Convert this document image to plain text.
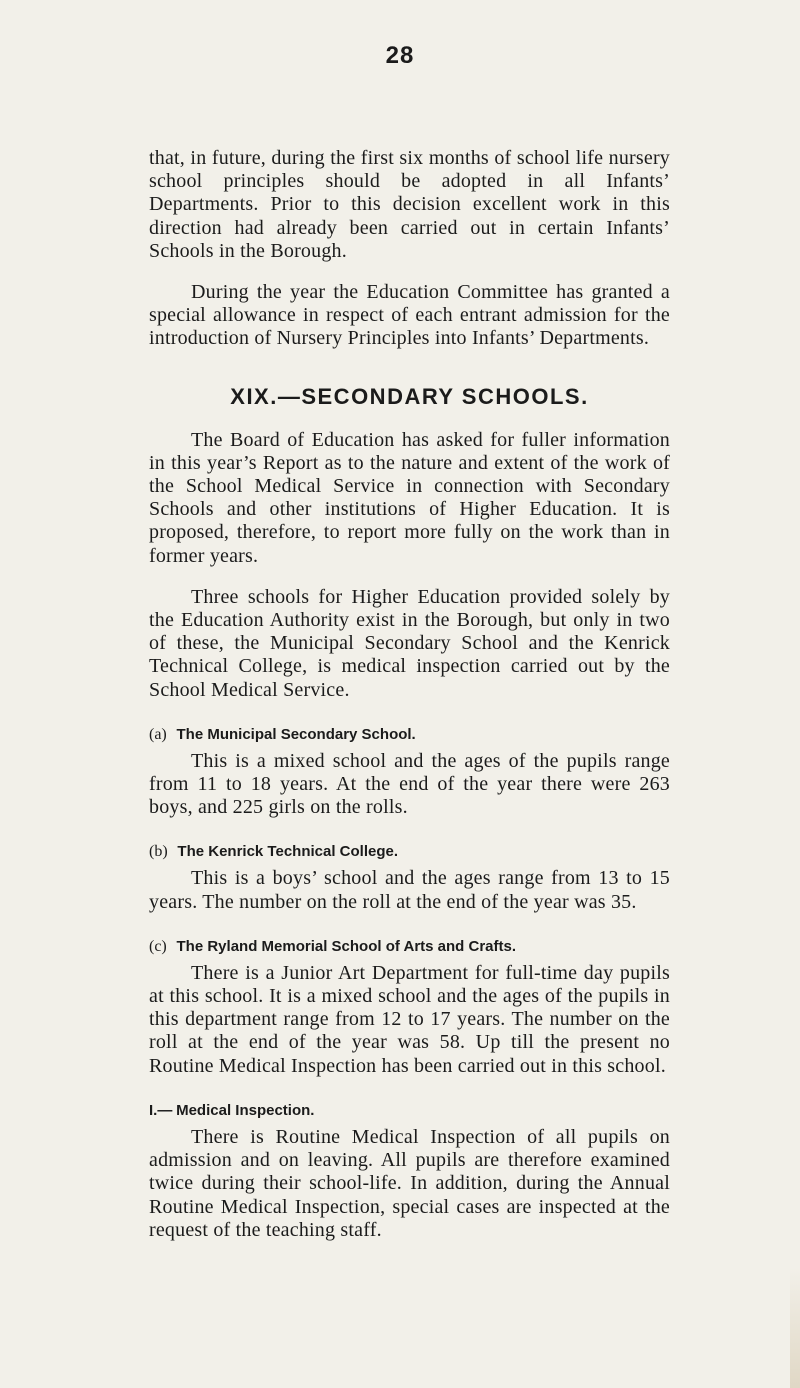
28

that, in future, during the first six months of school life nursery school principles should be adopted in all Infants’ Departments. Prior to this decision excellent work in this direction had already been carried out in certain Infants’ Schools in the Borough.

During the year the Education Committee has granted a special allowance in respect of each entrant admission for the introduction of Nursery Principles into Infants’ Departments.

XIX.—SECONDARY SCHOOLS.

The Board of Education has asked for fuller information in this year’s Report as to the nature and extent of the work of the School Medical Service in connection with Secondary Schools and other institutions of Higher Education. It is proposed, therefore, to report more fully on the work than in former years.

Three schools for Higher Education provided solely by the Education Authority exist in the Borough, but only in two of these, the Municipal Secondary School and the Kenrick Technical College, is medical inspection carried out by the School Medical Service.

(a) The Municipal Secondary School.

This is a mixed school and the ages of the pupils range from 11 to 18 years. At the end of the year there were 263 boys, and 225 girls on the rolls.

(b) The Kenrick Technical College.

This is a boys’ school and the ages range from 13 to 15 years. The number on the roll at the end of the year was 35.

(c) The Ryland Memorial School of Arts and Crafts.

There is a Junior Art Department for full-time day pupils at this school. It is a mixed school and the ages of the pupils in this department range from 12 to 17 years. The number on the roll at the end of the year was 58. Up till the present no Routine Medical Inspection has been carried out in this school.

I.— Medical Inspection.

There is Routine Medical Inspection of all pupils on admission and on leaving. All pupils are therefore examined twice during their school-life. In addition, during the Annual Routine Medical Inspection, special cases are inspected at the request of the teaching staff.
